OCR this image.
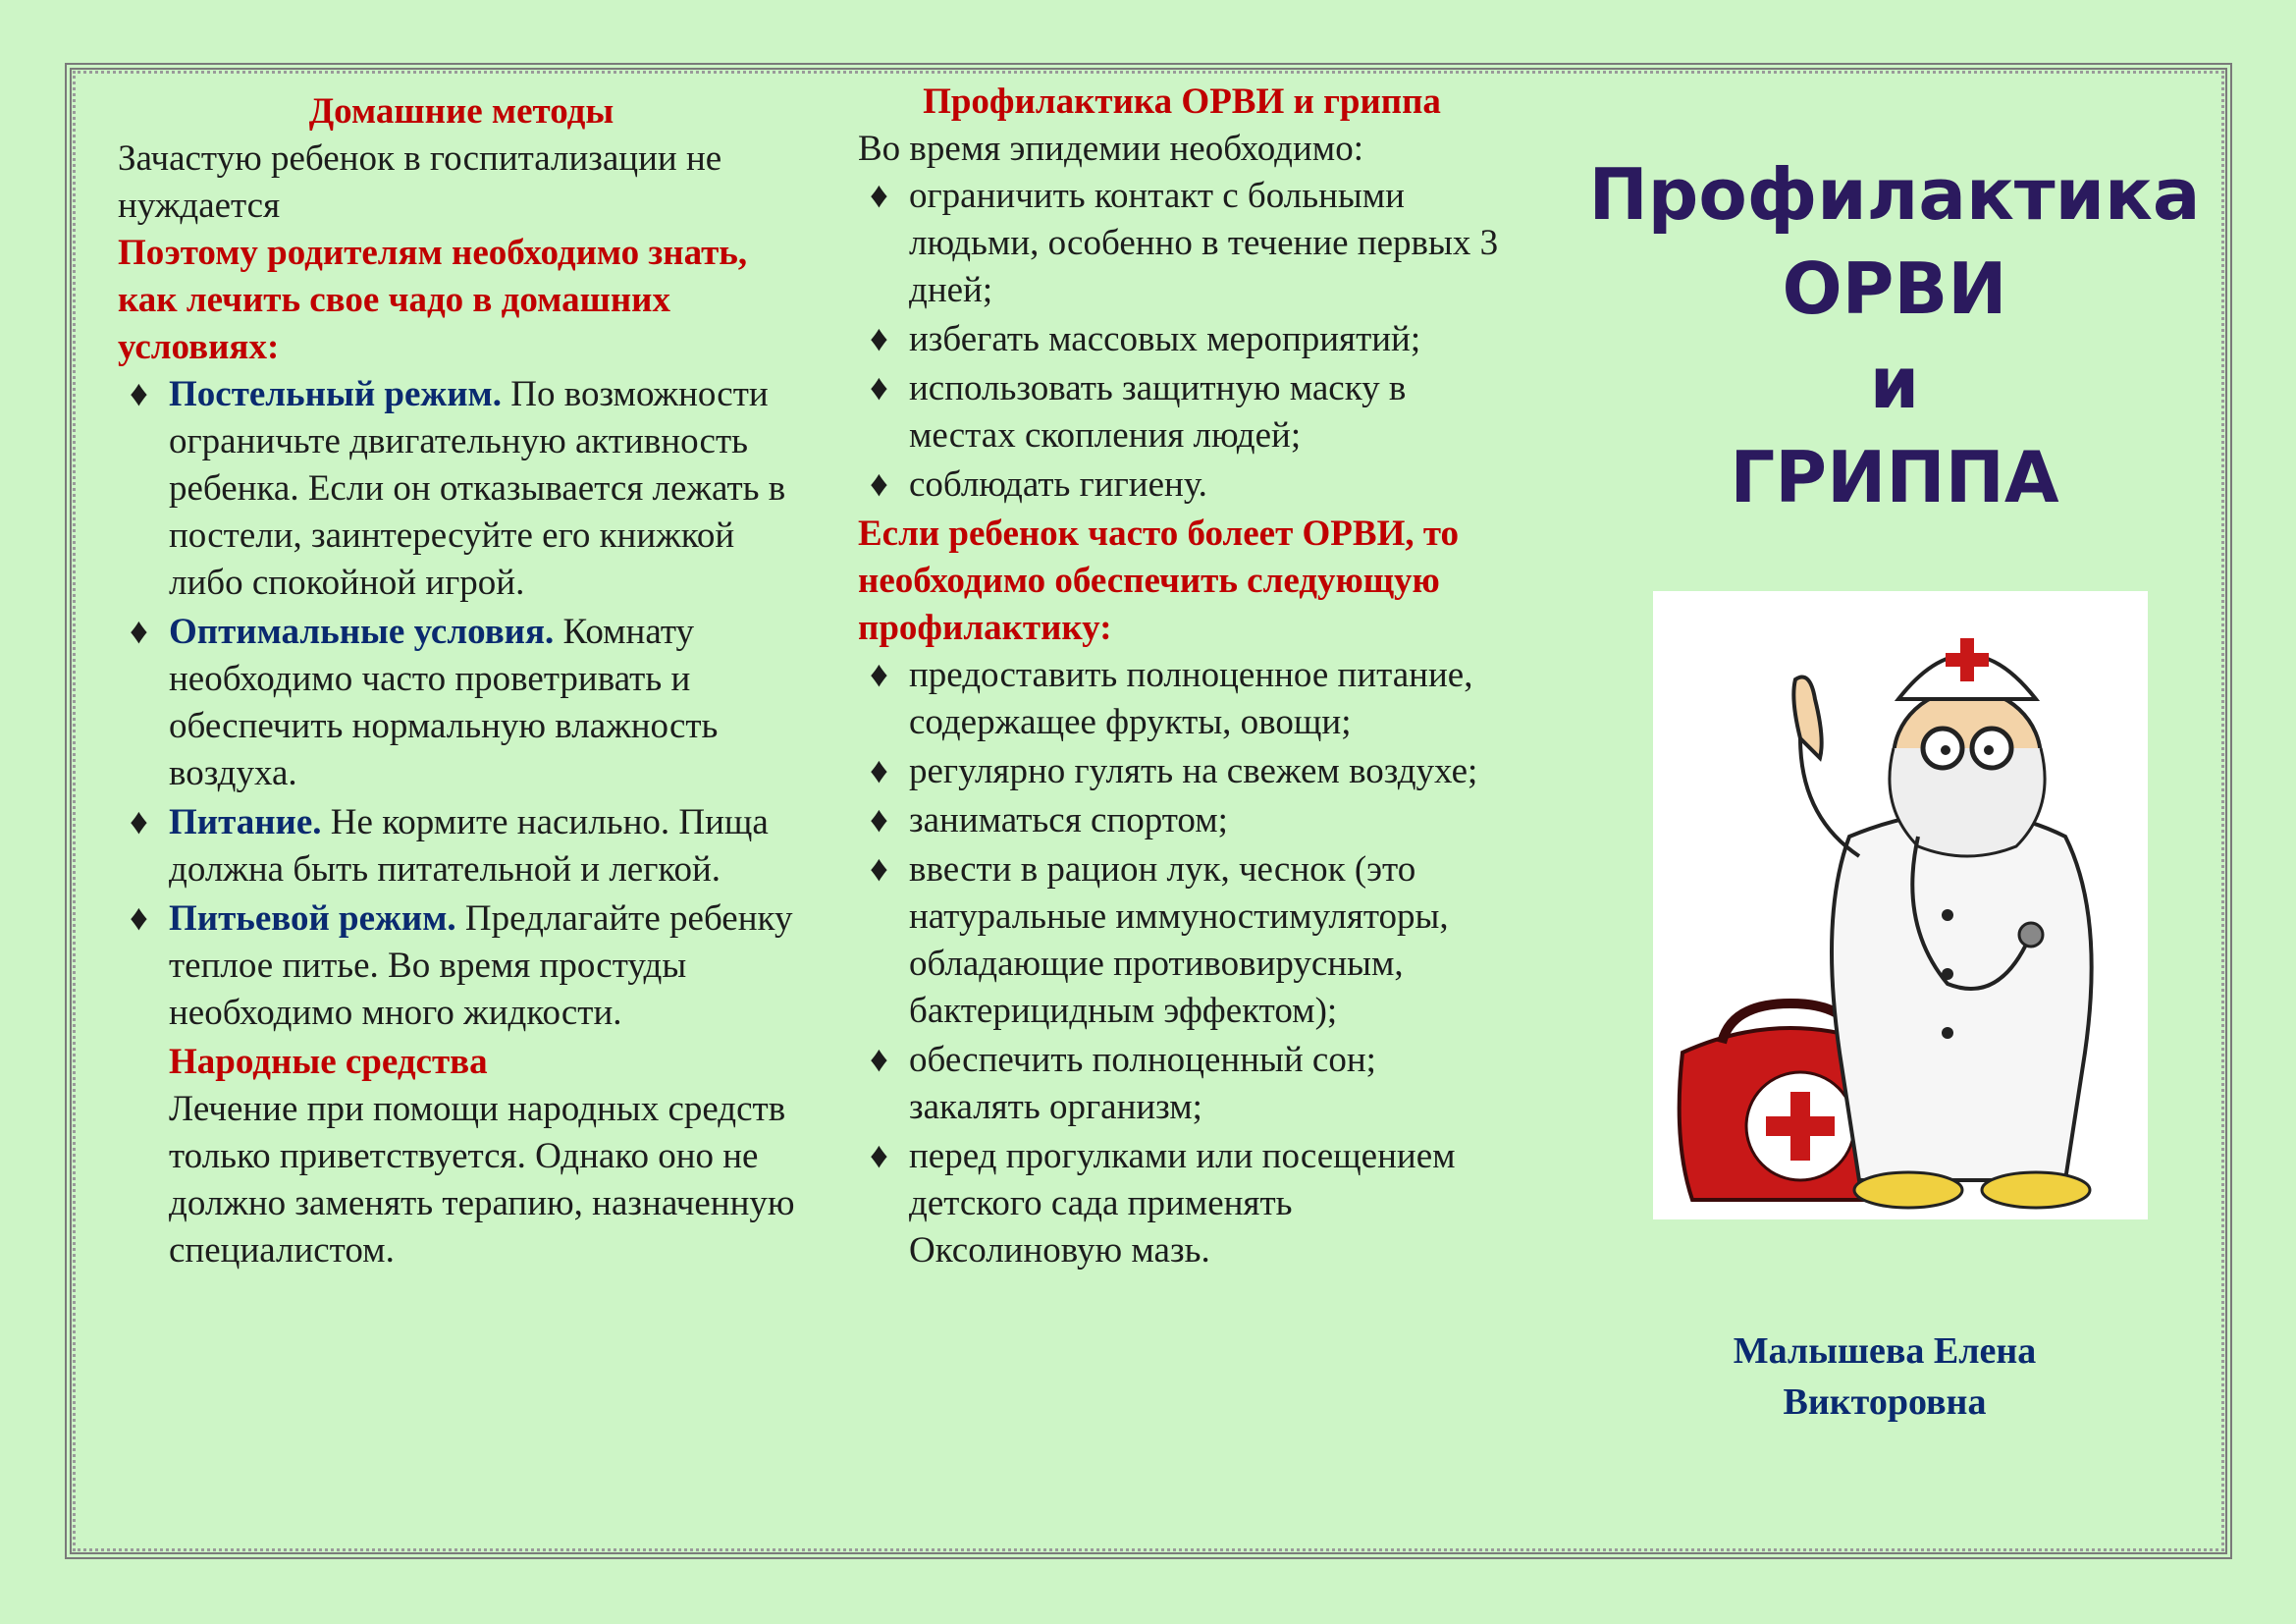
Домашние методы

Зачастую ребенок в госпитализации не нуждается

Поэтому родителям необходимо знать, как лечить свое чадо в домашних условиях:

♦ Постельный режим. По возможности ограничьте двигательную активность ребенка. Если он отказывается лежать в постели, заинтересуйте его книжкой либо спокойной игрой.
♦ Оптимальные условия. Комнату необходимо часто проветривать и обеспечить нормальную влажность воздуха.
♦ Питание. Не кормите насильно. Пища должна быть питательной и легкой.
♦ Питьевой режим. Предлагайте ребенку теплое питье. Во время простуды необходимо много жидкости.

Народные средства

Лечение при помощи народных средств только приветствуется. Однако оно не должно заменять терапию, назначенную специалистом.

Профилактика ОРВИ и гриппа

Во время эпидемии необходимо:

♦ ограничить контакт с больными людьми, особенно в течение первых 3 дней;
♦ избегать массовых мероприятий;
♦ использовать защитную маску в местах скопления людей;
♦ соблюдать гигиену.

Если ребенок часто болеет ОРВИ, то необходимо обеспечить следующую профилактику:

♦ предоставить полноценное питание, содержащее фрукты, овощи;
♦ регулярно гулять на свежем воздухе;
♦ заниматься спортом;
♦ ввести в рацион лук, чеснок (это натуральные иммуностимуляторы, обладающие противовирусным, бактерицидным эффектом);
♦ обеспечить полноценный сон; закалять организм;
♦ перед прогулками или посещением детского сада применять Оксолиновую мазь.

Профилактика

ОРВИ

и

ГРИППА

Малышева Елена
Викторовна
